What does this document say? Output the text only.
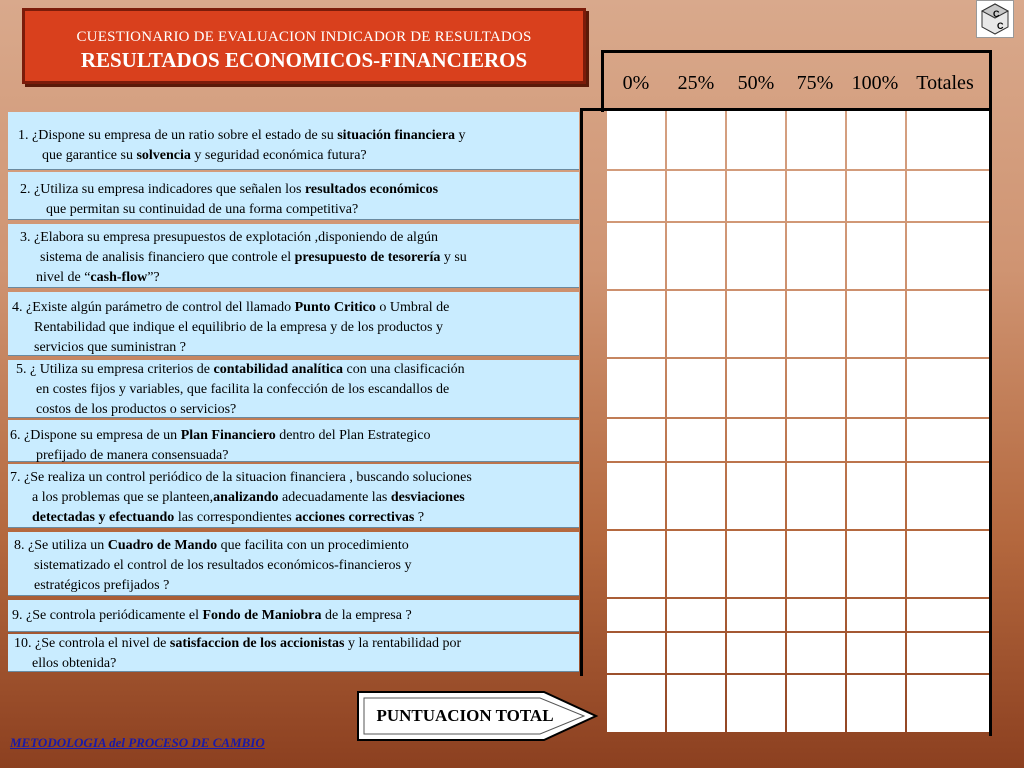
CUESTIONARIO DE EVALUACION INDICADOR DE RESULTADOS
RESULTADOS ECONOMICOS-FINANCIEROS
C
C
1. ¿Dispone su empresa de un ratio sobre el estado de su situación financiera y
que garantice su solvencia y seguridad económica futura?
2. ¿Utiliza su empresa indicadores que señalen los resultados económicos
que permitan su continuidad de una forma competitiva?
3. ¿Elabora su empresa presupuestos de explotación ,disponiendo de algún
sistema de analisis financiero que controle el presupuesto de tesorería y su
nivel de “cash-flow”?
4. ¿Existe algún parámetro de control del llamado Punto Critico o Umbral de
Rentabilidad que indique el equilibrio de la empresa y de los productos y
servicios que suministran ?
5. ¿ Utiliza su empresa criterios de contabilidad analítica con una clasificación
en costes fijos y variables, que facilita la confección de los escandallos de
costos de los productos o servicios?
6. ¿Dispone su empresa de un Plan Financiero dentro del Plan Estrategico
prefijado de manera consensuada?
7. ¿Se realiza un control periódico de la situacion financiera , buscando soluciones
a los problemas que se planteen,analizando adecuadamente las desviaciones
detectadas y efectuando las correspondientes acciones correctivas ?
8. ¿Se utiliza un Cuadro de Mando que facilita con un procedimiento
sistematizado el control de los resultados económicos-financieros y
estratégicos prefijados ?
9. ¿Se controla periódicamente el Fondo de Maniobra de la empresa ?
10. ¿Se controla el nivel de satisfaccion de los accionistas y la rentabilidad por
ellos obtenida?
0%	25%	50%	75% 100% Totales
PUNTUACION TOTAL
METODOLOGIA del PROCESO DE CAMBIO
